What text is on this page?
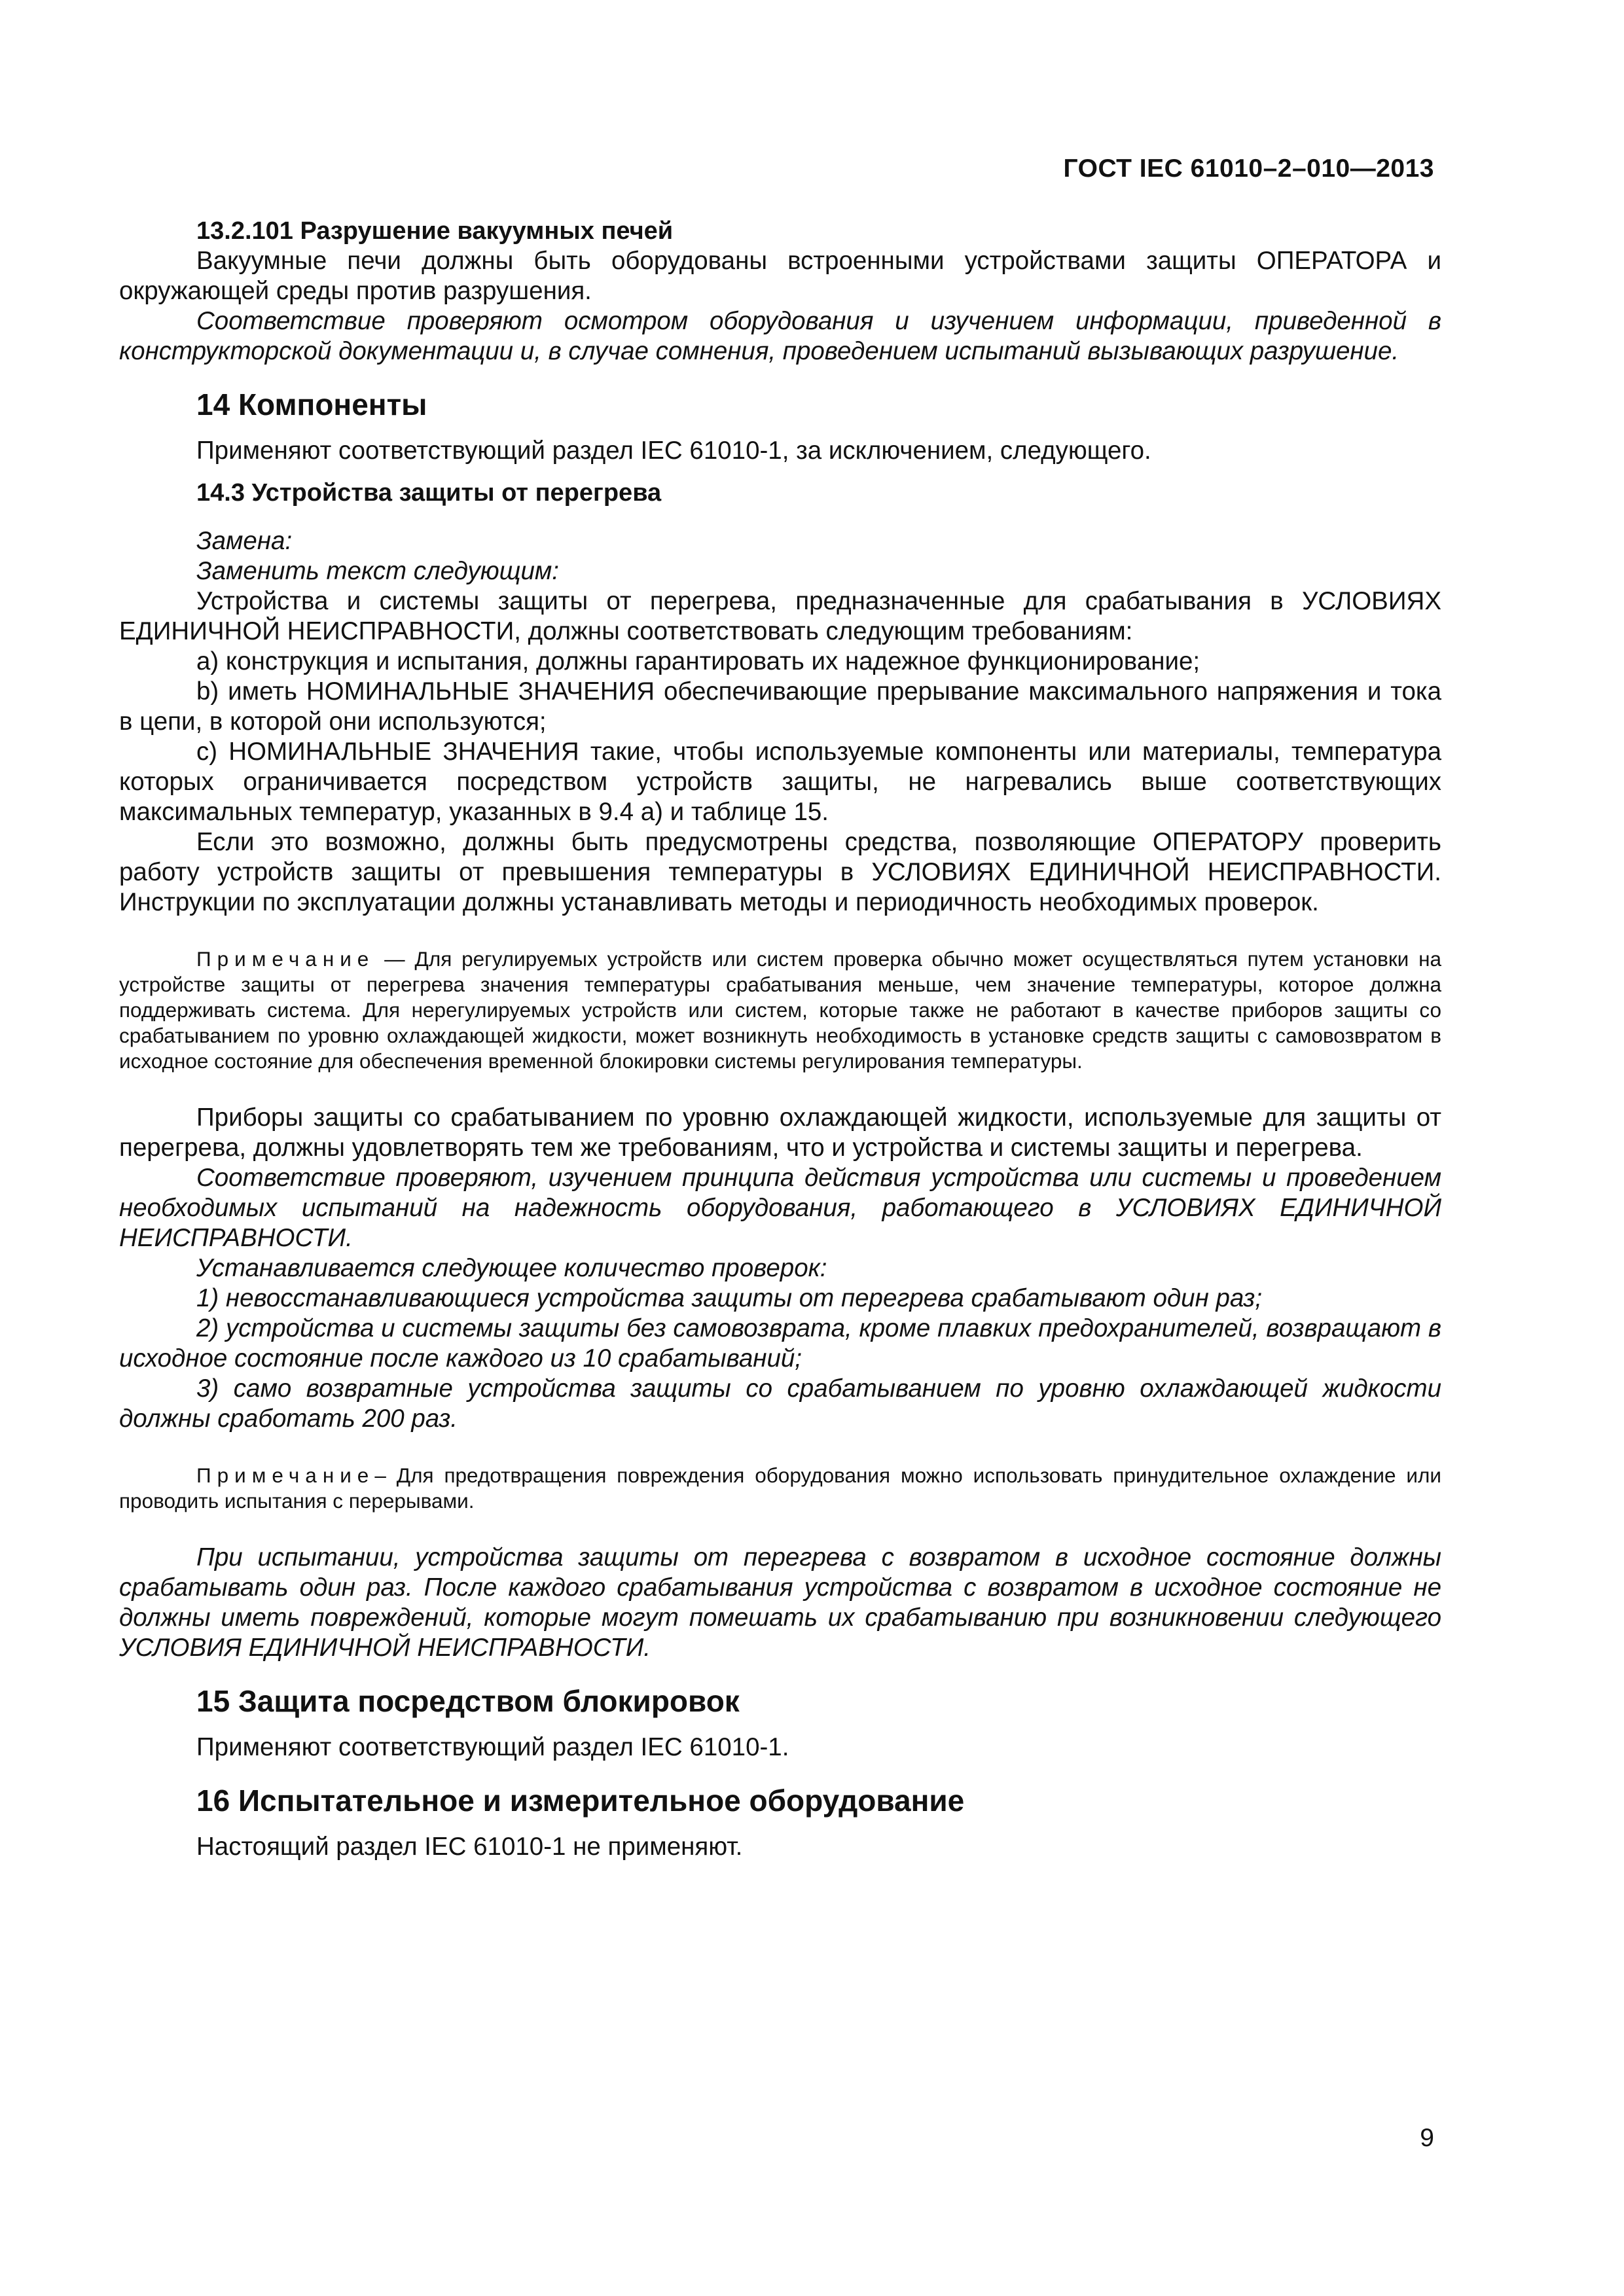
ГОСТ IEC 61010–2–010—2013
13.2.101 Разрушение вакуумных печей

Вакуумные печи должны быть оборудованы встроенными устройствами защиты ОПЕРАТОРА и окружающей среды против разрушения.

Соответствие проверяют осмотром оборудования и изучением информации, приведенной в конструкторской документации и, в случае сомнения, проведением испытаний вызывающих разрушение.

14 Компоненты

Применяют соответствующий раздел IEC 61010-1, за исключением, следующего.

14.3 Устройства защиты от перегрева

Замена:

Заменить текст следующим:

Устройства и системы защиты от перегрева, предназначенные для срабатывания в УСЛОВИЯХ ЕДИНИЧНОЙ НЕИСПРАВНОСТИ, должны соответствовать следующим требованиям:

a) конструкция и испытания, должны гарантировать их надежное функционирование;

b) иметь НОМИНАЛЬНЫЕ ЗНАЧЕНИЯ обеспечивающие прерывание максимального напряжения и тока в цепи, в которой они используются;

c) НОМИНАЛЬНЫЕ ЗНАЧЕНИЯ такие, чтобы используемые компоненты или материалы, температура которых ограничивается посредством устройств защиты, не нагревались выше соответствующих максимальных температур, указанных в 9.4 a) и таблице 15.

Если это возможно, должны быть предусмотрены средства, позволяющие ОПЕРАТОРУ проверить работу устройств защиты от превышения температуры в УСЛОВИЯХ ЕДИНИЧНОЙ НЕИСПРАВНОСТИ. Инструкции по эксплуатации должны устанавливать методы и периодичность необходимых проверок.

Примечание — Для регулируемых устройств или систем проверка обычно может осуществляться путем установки на устройстве защиты от перегрева значения температуры срабатывания меньше, чем значение температуры, которое должна поддерживать система. Для нерегулируемых устройств или систем, которые также не работают в качестве приборов защиты со срабатыванием по уровню охлаждающей жидкости, может возникнуть необходимость в установке средств защиты с самовозвратом в исходное состояние для обеспечения временной блокировки системы регулирования температуры.

Приборы защиты со срабатыванием по уровню охлаждающей жидкости, используемые для защиты от перегрева, должны удовлетворять тем же требованиям, что и устройства и системы защиты и перегрева.

Соответствие проверяют, изучением принципа действия устройства или системы и проведением необходимых испытаний на надежность оборудования, работающего в УСЛОВИЯХ ЕДИНИЧНОЙ НЕИСПРАВНОСТИ.

Устанавливается следующее количество проверок:

1) невосстанавливающиеся устройства защиты от перегрева срабатывают один раз;

2) устройства и системы защиты без самовозврата, кроме плавких предохранителей, возвращают в исходное состояние после каждого из 10 срабатываний;

3) само возвратные устройства защиты со срабатыванием по уровню охлаждающей жидкости должны сработать 200 раз.

Примечание– Для предотвращения повреждения оборудования можно использовать принудительное охлаждение или проводить испытания с перерывами.

При испытании, устройства защиты от перегрева с возвратом в исходное состояние должны срабатывать один раз. После каждого срабатывания устройства с возвратом в исходное состояние не должны иметь повреждений, которые могут помешать их срабатыванию при возникновении следующего УСЛОВИЯ ЕДИНИЧНОЙ НЕИСПРАВНОСТИ.

15 Защита посредством блокировок

Применяют соответствующий раздел IEC 61010-1.

16 Испытательное и измерительное оборудование

Настоящий раздел IEC 61010-1 не применяют.

9
